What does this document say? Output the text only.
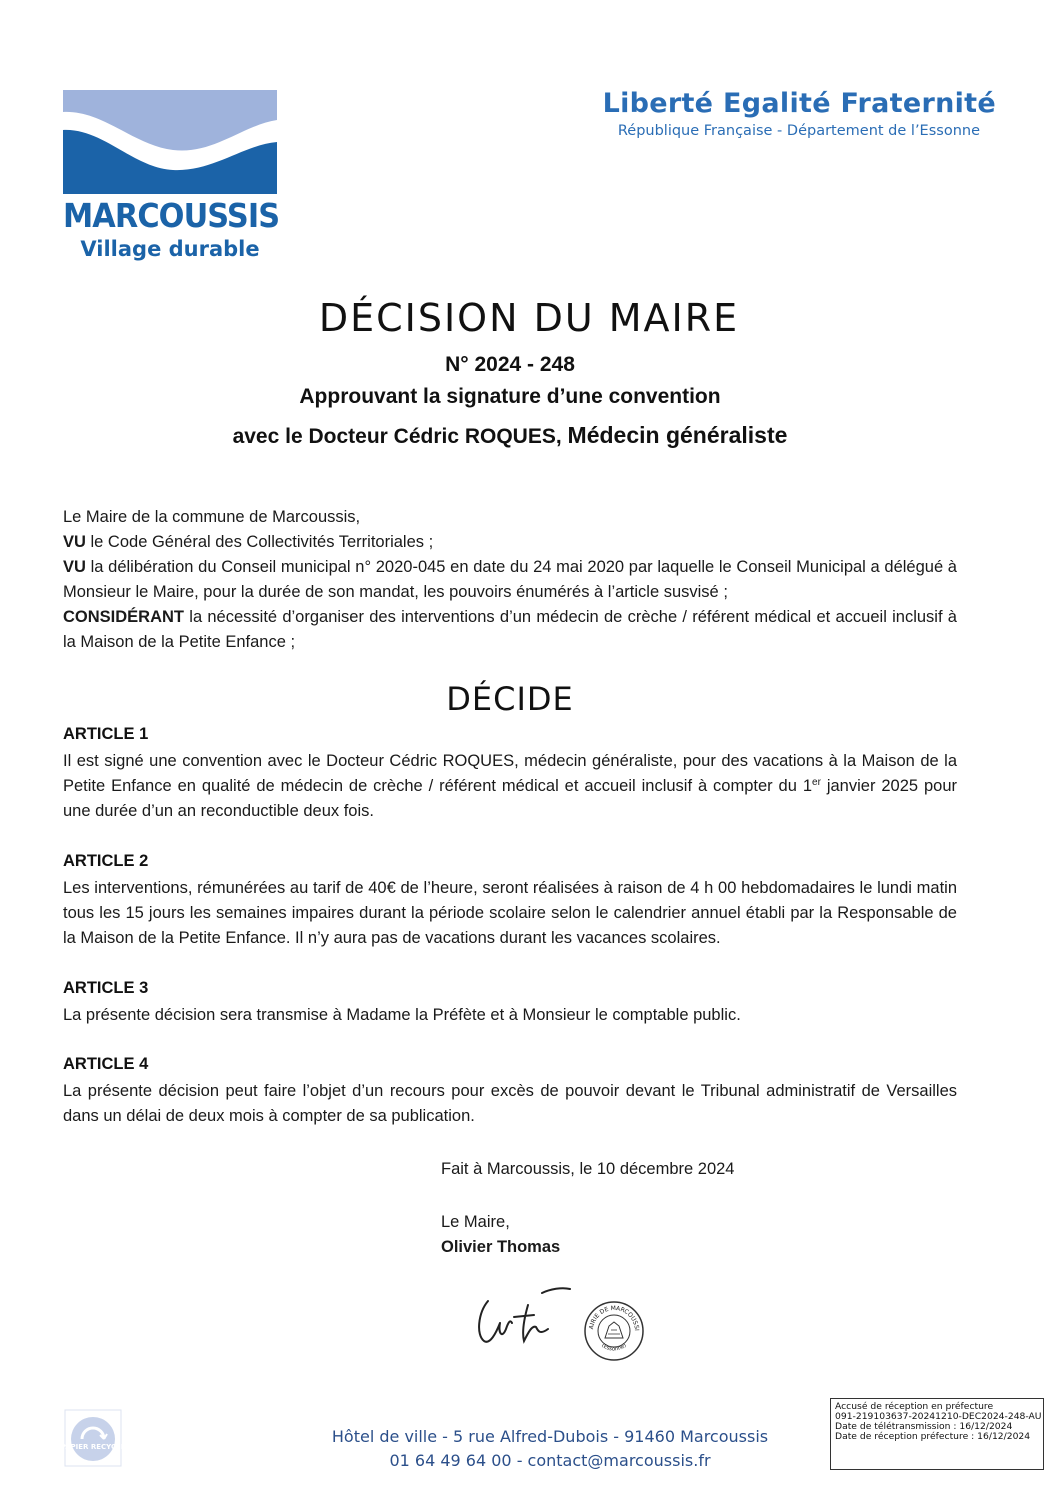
MARCOUSSIS
Village durable
Liberté Egalité Fraternité
République Française - Département de l’Essonne
DÉCISION DU MAIRE
N° 2024 - 248
Approuvant la signature d’une convention
avec le Docteur Cédric ROQUES, Médecin généraliste
Le Maire de la commune de Marcoussis,
VU le Code Général des Collectivités Territoriales ;
VU la délibération du Conseil municipal n° 2020-045 en date du 24 mai 2020 par laquelle le Conseil Municipal a délégué à Monsieur le Maire, pour la durée de son mandat, les pouvoirs énumérés à l’article susvisé ;
CONSIDÉRANT la nécessité d’organiser des interventions d’un médecin de crèche / référent médical et accueil inclusif à la Maison de la Petite Enfance ;
DÉCIDE
ARTICLE 1
Il est signé une convention avec le Docteur Cédric ROQUES, médecin généraliste, pour des vacations à la Maison de la Petite Enfance en qualité de médecin de crèche / référent médical et accueil inclusif à compter du 1er janvier 2025 pour une durée d’un an reconductible deux fois.
ARTICLE 2
Les interventions, rémunérées au tarif de 40€ de l’heure, seront réalisées à raison de 4 h 00 hebdomadaires le lundi matin tous les 15 jours les semaines impaires durant la période scolaire selon le calendrier annuel établi par la Responsable de la Maison de la Petite Enfance. Il n’y aura pas de vacations durant les vacances scolaires.
ARTICLE 3
La présente décision sera transmise à Madame la Préfète et à Monsieur le comptable public.
ARTICLE 4
La présente décision peut faire l’objet d’un recours pour excès de pouvoir devant le Tribunal administratif de Versailles dans un délai de deux mois à compter de sa publication.
Fait à Marcoussis, le 10 décembre 2024
Le Maire,
Olivier Thomas
AIRIE DE MARCOUSSI
(Essonne)
PAPIER RECYCLÉ
Hôtel de ville - 5 rue Alfred-Dubois - 91460 Marcoussis
01 64 49 64 00 - contact@marcoussis.fr
Accusé de réception en préfecture
091-219103637-20241210-DEC2024-248-AU
Date de télétransmission : 16/12/2024
Date de réception préfecture : 16/12/2024
